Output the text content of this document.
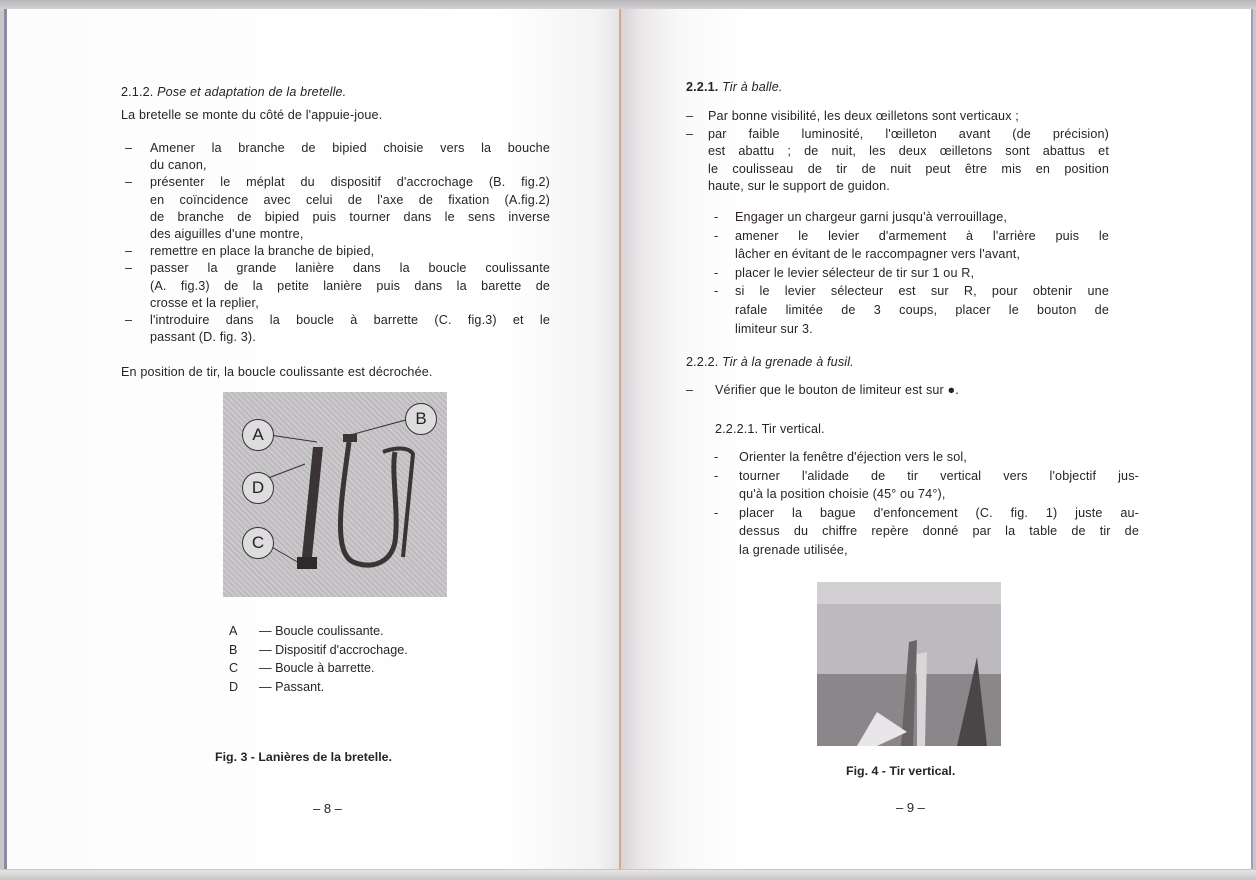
2.1.2. Pose et adaptation de la bretelle.
La bretelle se monte du côté de l'appuie-joue.
– Amener la branche de bipied choisie vers la bouche
du canon,
– présenter le méplat du dispositif d'accrochage (B. fig.2)
en coïncidence avec celui de l'axe de fixation (A.fig.2)
de branche de bipied puis tourner dans le sens inverse
des aiguilles d'une montre,
– remettre en place la branche de bipied,
– passer la grande lanière dans la boucle coulissante
(A. fig.3) de la petite lanière puis dans la barette de
crosse et la replier,
– l'introduire dans la boucle à barrette (C. fig.3) et le
passant (D. fig. 3).
En position de tir, la boucle coulissante est décrochée.
A
B
D
C
A — Boucle coulissante.
B — Dispositif d'accrochage.
C — Boucle à barrette.
D — Passant.
Fig. 3 - Lanières de la bretelle.
– 8 –
2.2.1. Tir à balle.
– Par bonne visibilité, les deux œilletons sont verticaux ;
– par faible luminosité, l'œilleton avant (de précision)
est abattu ; de nuit, les deux œilletons sont abattus et
le coulisseau de tir de nuit peut être mis en position
haute, sur le support de guidon.
- Engager un chargeur garni jusqu'à verrouillage,
- amener le levier d'armement à l'arrière puis le
lâcher en évitant de le raccompagner vers l'avant,
- placer le levier sélecteur de tir sur 1 ou R,
- si le levier sélecteur est sur R, pour obtenir une
rafale limitée de 3 coups, placer le bouton de
limiteur sur 3.
2.2.2. Tir à la grenade à fusil.
– Vérifier que le bouton de limiteur est sur ●.
2.2.2.1. Tir vertical.
- Orienter la fenêtre d'éjection vers le sol,
- tourner l'alidade de tir vertical vers l'objectif jus-
qu'à la position choisie (45° ou 74°),
- placer la bague d'enfoncement (C. fig. 1) juste au-
dessus du chiffre repère donné par la table de tir de
la grenade utilisée,
Fig. 4 - Tir vertical.
– 9 –
